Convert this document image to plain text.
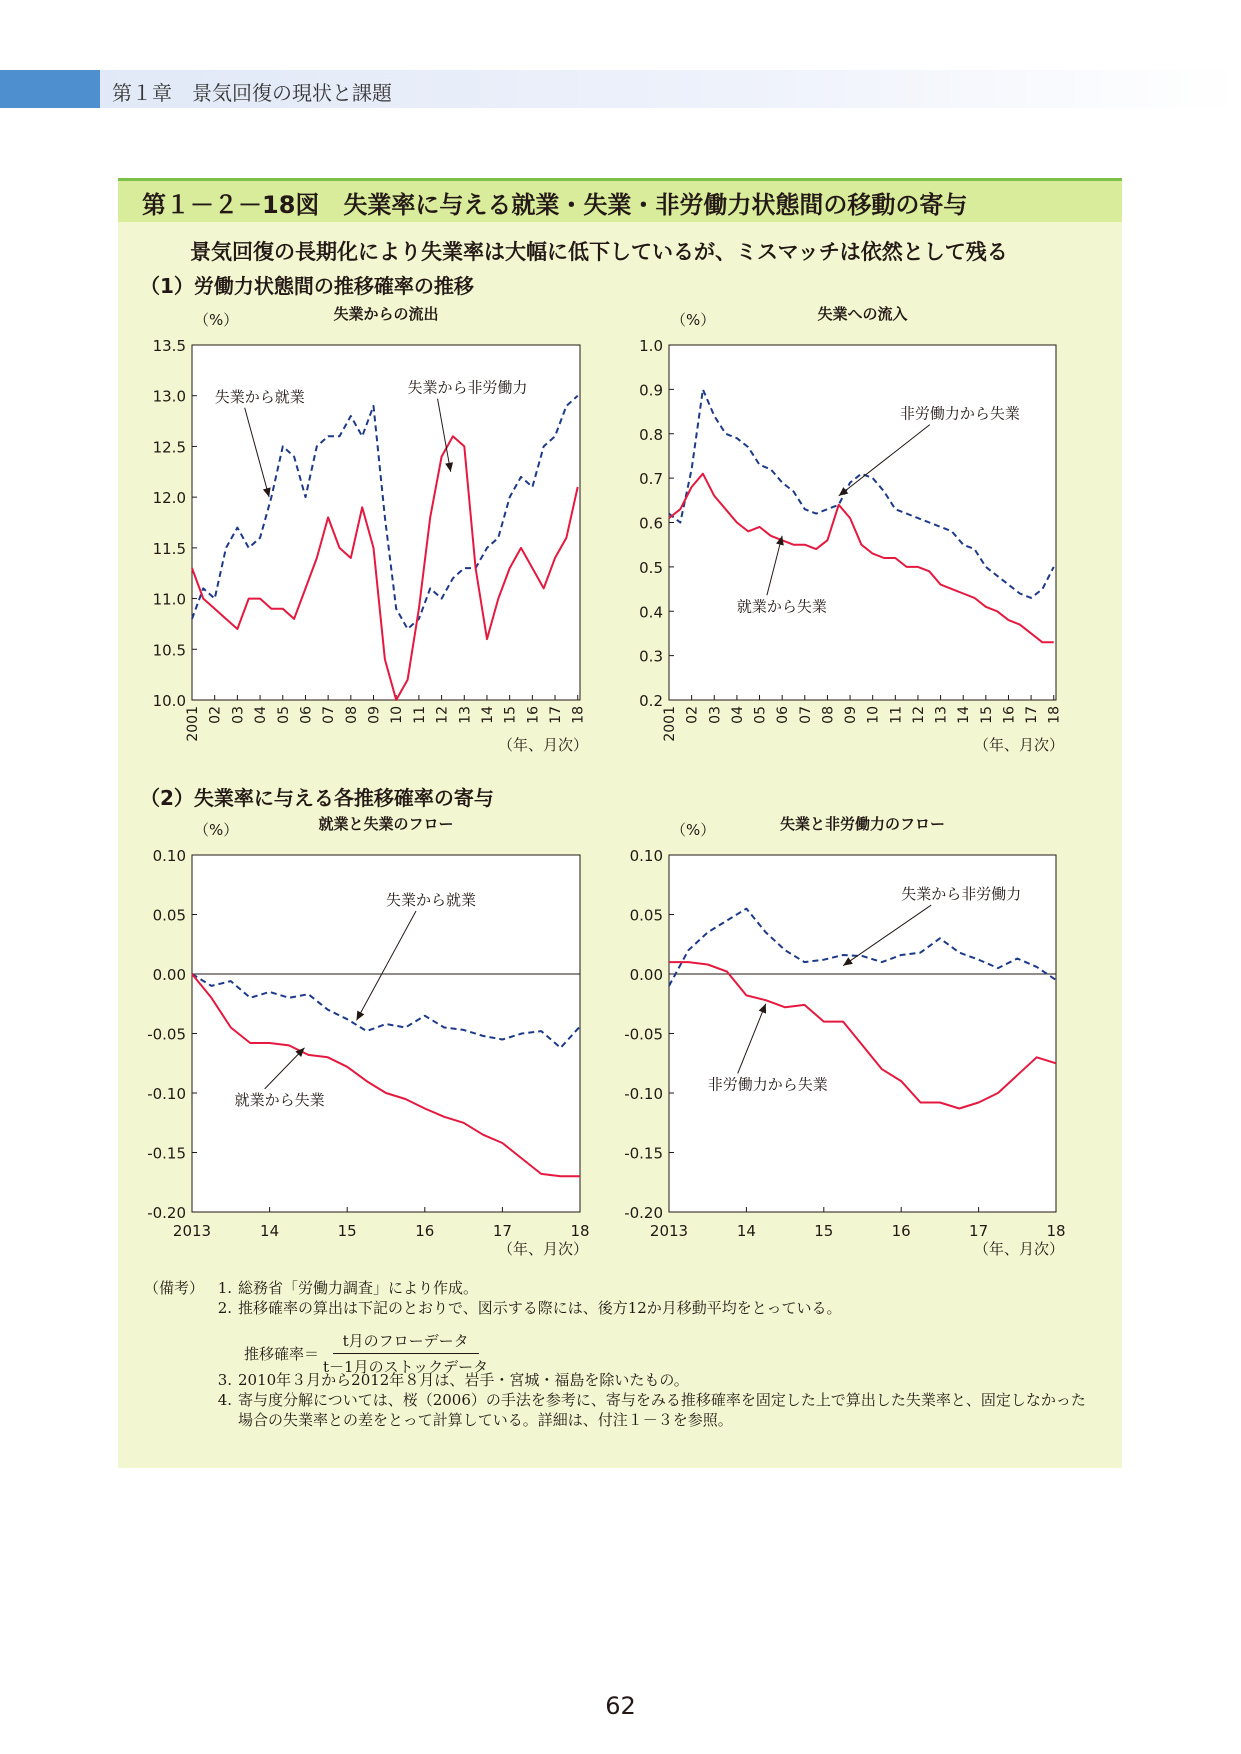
第１章　景気回復の現状と課題
第１－２－18図　失業率に与える就業・失業・非労働力状態間の移動の寄与
景気回復の長期化により失業率は大幅に低下しているが、ミスマッチは依然として残る
（1）労働力状態間の推移確率の推移
（2）失業率に与える各推移確率の寄与
失業からの流出
（%）
13.5
13.0
12.5
12.0
11.5
11.0
10.5
10.0
2001 02 03 04 05 06 07 08 09 10 11 12 13 14 15 16 17 18
（年、月次）
失業から就業
失業から非労働力
失業への流入
（%）
1.0
0.9
0.8
0.7
0.6
0.5
0.4
0.3
0.2
2001 02 03 04 05 06 07 08 09 10 11 12 13 14 15 16 17 18
（年、月次）
非労働力から失業
就業から失業
就業と失業のフロー
（%）
0.10
0.05
0.00
-0.05
-0.10
-0.15
-0.20
2013	14	15	16	17	18
（年、月次）
失業から就業
就業から失業
失業と非労働力のフロー
（%）
0.10
0.05
0.00
-0.05
-0.10
-0.15
-0.20
2013	14	15	16	17	18
（年、月次）
失業から非労働力
非労働力から失業
（備考） 1. 総務省「労働力調査」により作成。
2. 推移確率の算出は下記のとおりで、図示する際には、後方12か月移動平均をとっている。
3. 2010年３月から2012年８月は、岩手・宮城・福島を除いたもの。
4. 寄与度分解については、桜（2006）の手法を参考に、寄与をみる推移確率を固定した上で算出した失業率と、固定しなかった場合の失業率との差をとって計算している。詳細は、付注１－３を参照。
推移確率＝ $\frac{\text{t月のフローデータ}}{\text{t－1月のストックデータ}}$
62
